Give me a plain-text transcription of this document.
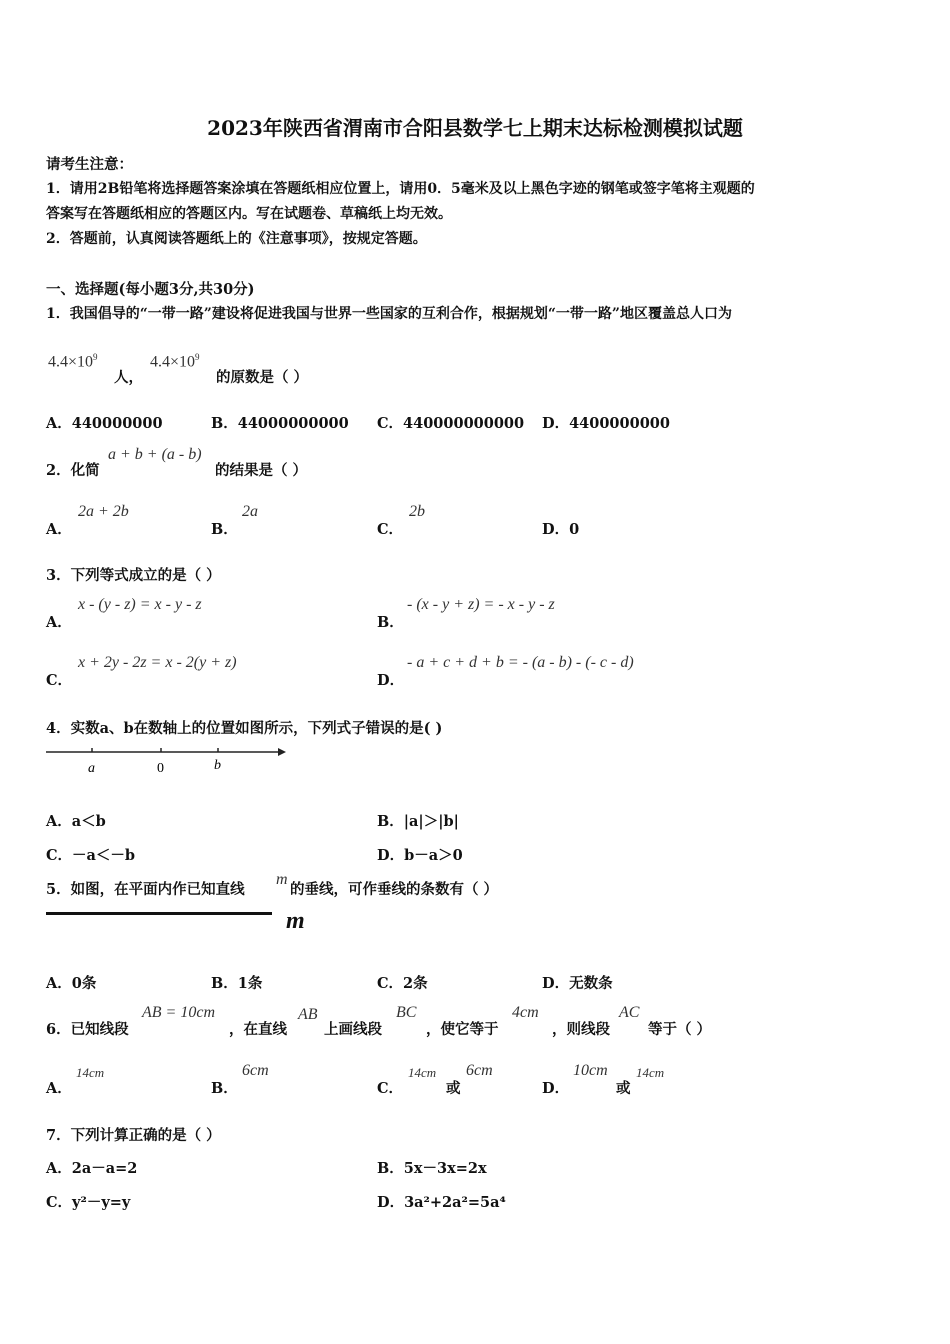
2023年陕西省渭南市合阳县数学七上期末达标检测模拟试题
请考生注意：
1．请用2B铅笔将选择题答案涂填在答题纸相应位置上，请用0．5毫米及以上黑色字迹的钢笔或签字笔将主观题的
答案写在答题纸相应的答题区内。写在试题卷、草稿纸上均无效。
2．答题前，认真阅读答题纸上的《注意事项》，按规定答题。
一、选择题(每小题3分,共30分)
1．我国倡导的“一带一路”建设将促进我国与世界一些国家的互利合作，根据规划“一带一路”地区覆盖总人口为
$4.4\times 10^9$
人，
$4.4\times 10^9$
的原数是（ ）
A．440000000	B．44000000000 C．440000000000 D．4400000000
2．化简
a + b + (a - b)
的结果是（ ）
A．
2a + 2b
B．
2a
C．
2b
D．0
3．下列等式成立的是（ ）
A．
x - (y - z) = x - y - z
B．
- (x - y + z) = - x - y - z
C．
x + 2y - 2z = x - 2(y + z)
D．
- a + c + d + b = - (a - b) - (- c - d)
4．实数a、b在数轴上的位置如图所示，下列式子错误的是( )
a	0	b
A．a＜b	B．|a|＞|b|
C．－a＜－b	D．b－a＞0
5．如图，在平面内作已知直线
m
的垂线，可作垂线的条数有（ ）
m
A．0条	B．1条	C．2条	D．无数条
6．已知线段
AB = 10cm
，在直线
AB
上画线段
BC
，使它等于
4cm
，则线段
AC
等于（ ）
A．
14cm
B．
6cm
C．
14cm
或
6cm
D．
10cm
或
14cm
7．下列计算正确的是（ ）
A．2a－a=2	B．5x－3x=2x
C．y²－y=y	D．3a²+2a²=5a⁴
